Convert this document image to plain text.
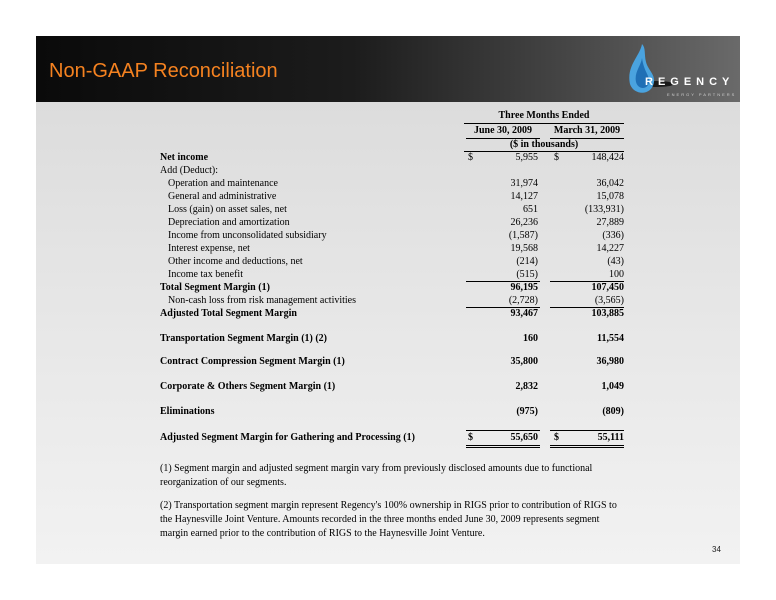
Non-GAAP Reconciliation	REGENCY
ENERGY PARTNERS
Three Months Ended
June 30, 2009	March 31, 2009
($ in thousands)
Net income	$	5,955 $	148,424
Add (Deduct):
Operation and maintenance	31,974	36,042
General and administrative	14,127	15,078
Loss (gain) on asset sales, net	651	(133,931)
Depreciation and amortization	26,236	27,889
Income from unconsolidated subsidiary	(1,587)	(336)
Interest expense, net	19,568	14,227
Other income and deductions, net	(214)	(43)
Income tax benefit	(515)	100
Total Segment Margin (1)	96,195	107,450
Non-cash loss from risk management activities	(2,728)	(3,565)
Adjusted Total Segment Margin	93,467	103,885
Transportation Segment Margin (1) (2)	160	11,554
Contract Compression Segment Margin (1)	35,800	36,980
Corporate & Others Segment Margin (1)	2,832	1,049
Eliminations	(975)	(809)
Adjusted Segment Margin for Gathering and Processing (1)	$	55,650 $	55,111
(1) Segment margin and adjusted segment margin vary from previously disclosed amounts due to functional reorganization of our segments.
(2) Transportation segment margin represent Regency's 100% ownership in RIGS prior to contribution of RIGS to the Haynesville Joint Venture. Amounts recorded in the three months ended June 30, 2009 represents segment margin earned prior to the contribution of RIGS to the Haynesville Joint Venture.
34
